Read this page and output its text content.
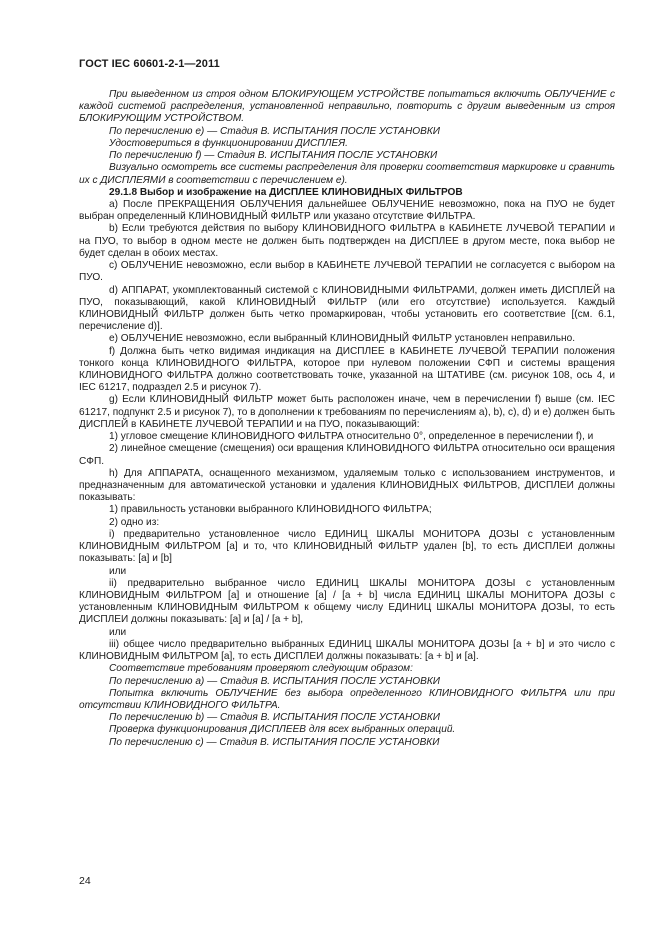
ГОСТ IEC 60601-2-1—2011

При выведенном из строя одном БЛОКИРУЮЩЕМ УСТРОЙСТВЕ попытаться включить ОБЛУЧЕНИЕ с каждой системой распределения, установленной неправильно, повторить с другим выведенным из строя БЛОКИРУЮЩИМ УСТРОЙСТВОМ.

По перечислению e) — Стадия В. ИСПЫТАНИЯ ПОСЛЕ УСТАНОВКИ

Удостовериться в функционировании ДИСПЛЕЯ.

По перечислению f) — Стадия В. ИСПЫТАНИЯ ПОСЛЕ УСТАНОВКИ

Визуально осмотреть все системы распределения для проверки соответствия маркировке и сравнить их с ДИСПЛЕЯМИ в соответствии с перечислением e).

29.1.8 Выбор и изображение на ДИСПЛЕЕ КЛИНОВИДНЫХ ФИЛЬТРОВ

a) После ПРЕКРАЩЕНИЯ ОБЛУЧЕНИЯ дальнейшее ОБЛУЧЕНИЕ невозможно, пока на ПУО не будет выбран определенный КЛИНОВИДНЫЙ ФИЛЬТР или указано отсутствие ФИЛЬТРА.

b) Если требуются действия по выбору КЛИНОВИДНОГО ФИЛЬТРА в КАБИНЕТЕ ЛУЧЕВОЙ ТЕРАПИИ и на ПУО, то выбор в одном месте не должен быть подтвержден на ДИСПЛЕЕ в другом месте, пока выбор не будет сделан в обоих местах.

c) ОБЛУЧЕНИЕ невозможно, если выбор в КАБИНЕТЕ ЛУЧЕВОЙ ТЕРАПИИ не согласуется с выбором на ПУО.

d) АППАРАТ, укомплектованный системой с КЛИНОВИДНЫМИ ФИЛЬТРАМИ, должен иметь ДИСПЛЕЙ на ПУО, показывающий, какой КЛИНОВИДНЫЙ ФИЛЬТР (или его отсутствие) используется. Каждый КЛИНОВИДНЫЙ ФИЛЬТР должен быть четко промаркирован, чтобы установить его соответствие [(см. 6.1, перечисление d)].

e) ОБЛУЧЕНИЕ невозможно, если выбранный КЛИНОВИДНЫЙ ФИЛЬТР установлен неправильно.

f) Должна быть четко видимая индикация на ДИСПЛЕЕ в КАБИНЕТЕ ЛУЧЕВОЙ ТЕРАПИИ положения тонкого конца КЛИНОВИДНОГО ФИЛЬТРА, которое при нулевом положении СФП и системы вращения КЛИНОВИДНОГО ФИЛЬТРА должно соответствовать точке, указанной на ШТАТИВЕ (см. рисунок 108, ось 4, и IEC 61217, подраздел 2.5 и рисунок 7).

g) Если КЛИНОВИДНЫЙ ФИЛЬТР может быть расположен иначе, чем в перечислении f) выше (см. IEC 61217, подпункт 2.5 и рисунок 7), то в дополнении к требованиям по перечислениям a), b), c), d) и e) должен быть ДИСПЛЕЙ в КАБИНЕТЕ ЛУЧЕВОЙ ТЕРАПИИ и на ПУО, показывающий:

1) угловое смещение КЛИНОВИДНОГО ФИЛЬТРА относительно 0°, определенное в перечислении f), и

2) линейное смещение (смещения) оси вращения КЛИНОВИДНОГО ФИЛЬТРА относительно оси вращения СФП.

h) Для АППАРАТА, оснащенного механизмом, удаляемым только с использованием инструментов, и предназначенным для автоматической установки и удаления КЛИНОВИДНЫХ ФИЛЬТРОВ, ДИСПЛЕИ должны показывать:

1) правильность установки выбранного КЛИНОВИДНОГО ФИЛЬТРА;

2) одно из:

i) предварительно установленное число ЕДИНИЦ ШКАЛЫ МОНИТОРА ДОЗЫ с установленным КЛИНОВИДНЫМ ФИЛЬТРОМ [a] и то, что КЛИНОВИДНЫЙ ФИЛЬТР удален [b], то есть ДИСПЛЕИ должны показывать: [a] и [b]

или

ii) предварительно выбранное число ЕДИНИЦ ШКАЛЫ МОНИТОРА ДОЗЫ с установленным КЛИНОВИДНЫМ ФИЛЬТРОМ [a] и отношение [a] / [a + b] числа ЕДИНИЦ ШКАЛЫ МОНИТОРА ДОЗЫ с установленным КЛИНОВИДНЫМ ФИЛЬТРОМ к общему числу ЕДИНИЦ ШКАЛЫ МОНИТОРА ДОЗЫ, то есть ДИСПЛЕИ должны показывать: [a] и [a] / [a + b],

или

iii) общее число предварительно выбранных ЕДИНИЦ ШКАЛЫ МОНИТОРА ДОЗЫ [a + b] и это число с КЛИНОВИДНЫМ ФИЛЬТРОМ [a], то есть ДИСПЛЕИ должны показывать: [a + b] и [a].

Соответствие требованиям проверяют следующим образом:

По перечислению a) — Стадия В. ИСПЫТАНИЯ ПОСЛЕ УСТАНОВКИ

Попытка включить ОБЛУЧЕНИЕ без выбора определенного КЛИНОВИДНОГО ФИЛЬТРА или при отсутствии КЛИНОВИДНОГО ФИЛЬТРА.

По перечислению b) — Стадия В. ИСПЫТАНИЯ ПОСЛЕ УСТАНОВКИ

Проверка функционирования ДИСПЛЕЕВ для всех выбранных операций.

По перечислению c) — Стадия В. ИСПЫТАНИЯ ПОСЛЕ УСТАНОВКИ

24
